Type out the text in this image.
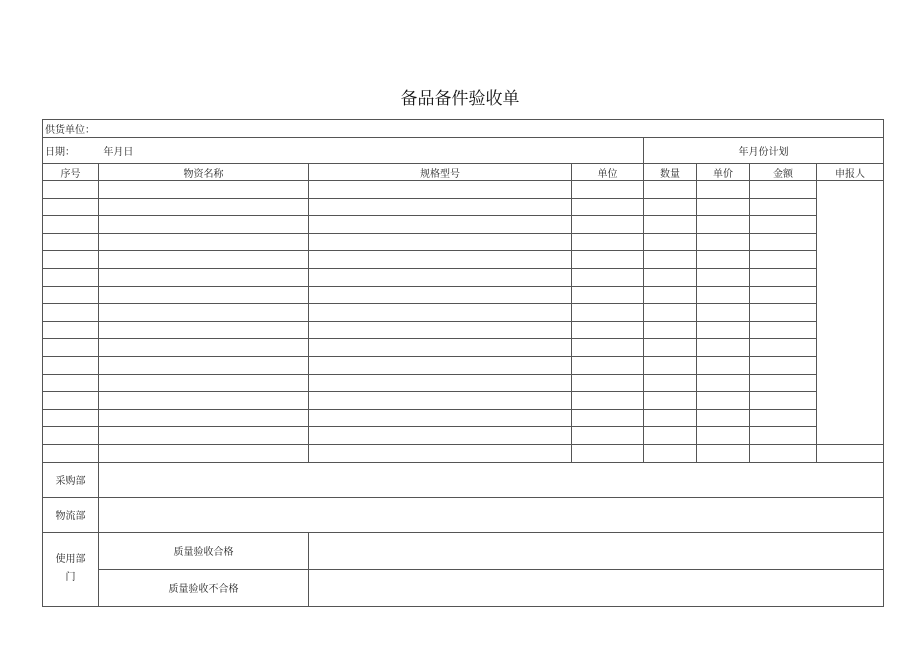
备品备件验收单
供货单位：							
日期： 年月日				年月份计划			
序号	物资名称	规格型号	单位	数量	单价	金额	申报人

采购部							
物流部							
使用部
门	质量验收合格						
	质量验收不合格						
